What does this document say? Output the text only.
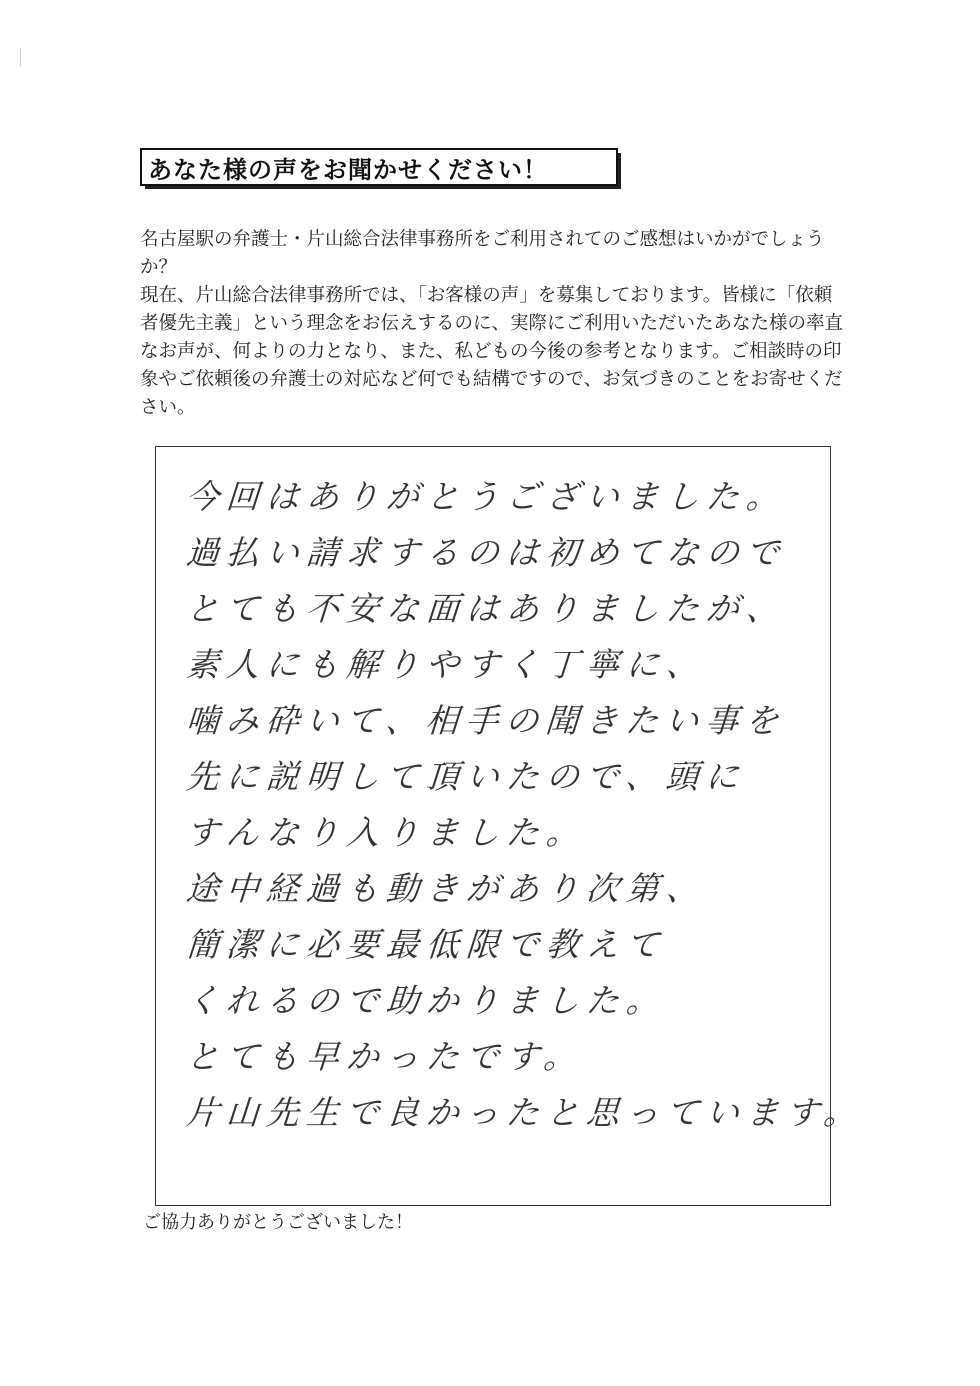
あなた様の声をお聞かせください！
名古屋駅の弁護士・片山総合法律事務所をご利用されてのご感想はいかがでしょうか？
現在、片山総合法律事務所では、「お客様の声」を募集しております。皆様に「依頼者優先主義」という理念をお伝えするのに、実際にご利用いただいたあなた様の率直なお声が、何よりの力となり、また、私どもの今後の参考となります。ご相談時の印象やご依頼後の弁護士の対応など何でも結構ですので、お気づきのことをお寄せください。
今回はありがとうございました。
過払い請求するのは初めてなので
とても不安な面はありましたが、
素人にも解りやすく丁寧に、
噛み砕いて、相手の聞きたい事を
先に説明して頂いたので、頭に
すんなり入りました。
途中経過も動きがあり次第、
簡潔に必要最低限で教えて
くれるので助かりました。
とても早かったです。
片山先生で良かったと思っています。
ご協力ありがとうございました！
